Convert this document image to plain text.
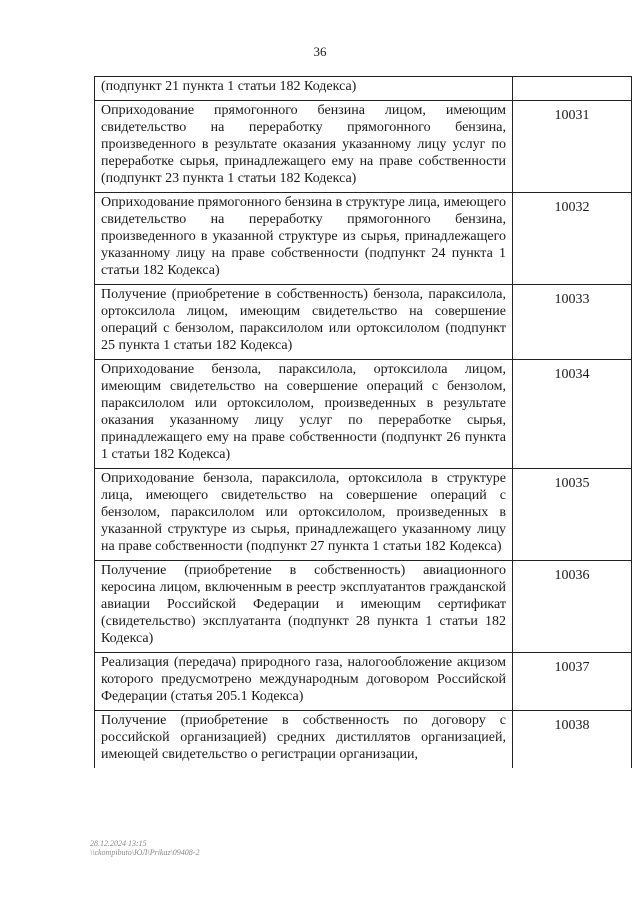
36
(подпункт 21 пункта 1 статьи 182 Кодекса)	
Оприходование прямогонного бензина лицом, имеющим свидетельство на переработку прямогонного бензина, произведенного в результате оказания указанному лицу услуг по переработке сырья, принадлежащего ему на праве собственности (подпункт 23 пункта 1 статьи 182 Кодекса)	10031
Оприходование прямогонного бензина в структуре лица, имеющего свидетельство на переработку прямогонного бензина, произведенного в указанной структуре из сырья, принадлежащего указанному лицу на праве собственности (подпункт 24 пункта 1 статьи 182 Кодекса)	10032
Получение (приобретение в собственность) бензола, параксилола, ортоксилола лицом, имеющим свидетельство на совершение операций с бензолом, параксилолом или ортоксилолом (подпункт 25 пункта 1 статьи 182 Кодекса)	10033
Оприходование бензола, параксилола, ортоксилола лицом, имеющим свидетельство на совершение операций с бензолом, параксилолом или ортоксилолом, произведенных в результате оказания указанному лицу услуг по переработке сырья, принадлежащего ему на праве собственности (подпункт 26 пункта 1 статьи 182 Кодекса)	10034
Оприходование бензола, параксилола, ортоксилола в структуре лица, имеющего свидетельство на совершение операций с бензолом, параксилолом или ортоксилолом, произведенных в указанной структуре из сырья, принадлежащего указанному лицу на праве собственности (подпункт 27 пункта 1 статьи 182 Кодекса)	10035
Получение (приобретение в собственность) авиационного керосина лицом, включенным в реестр эксплуатантов гражданской авиации Российской Федерации и имеющим сертификат (свидетельство) эксплуатанта (подпункт 28 пункта 1 статьи 182 Кодекса)	10036
Реализация (передача) природного газа, налогообложение акцизом которого предусмотрено международным договором Российской Федерации (статья 205.1 Кодекса)	10037
Получение (приобретение в собственность по договору с российской организацией) средних дистиллятов организацией, имеющей свидетельство о регистрации организации,	10038
28.12.2024 13:15
\\ckompibuto\ЮЛ\Prikaz\09408-2
